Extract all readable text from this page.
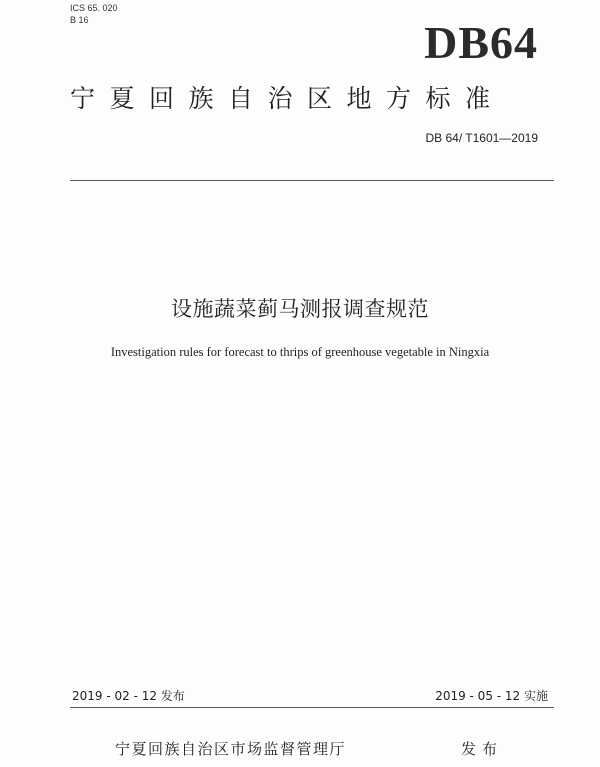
ICS 65. 020
B 16	DB64
宁夏回族自治区地方标准
DB 64/ T1601—2019
设施蔬菜蓟马测报调查规范
Investigation rules for forecast to thrips of greenhouse vegetable in Ningxia
2019 - 02 - 12 发布	2019 - 05 - 12 实施
宁夏回族自治区市场监督管理厅	发布
